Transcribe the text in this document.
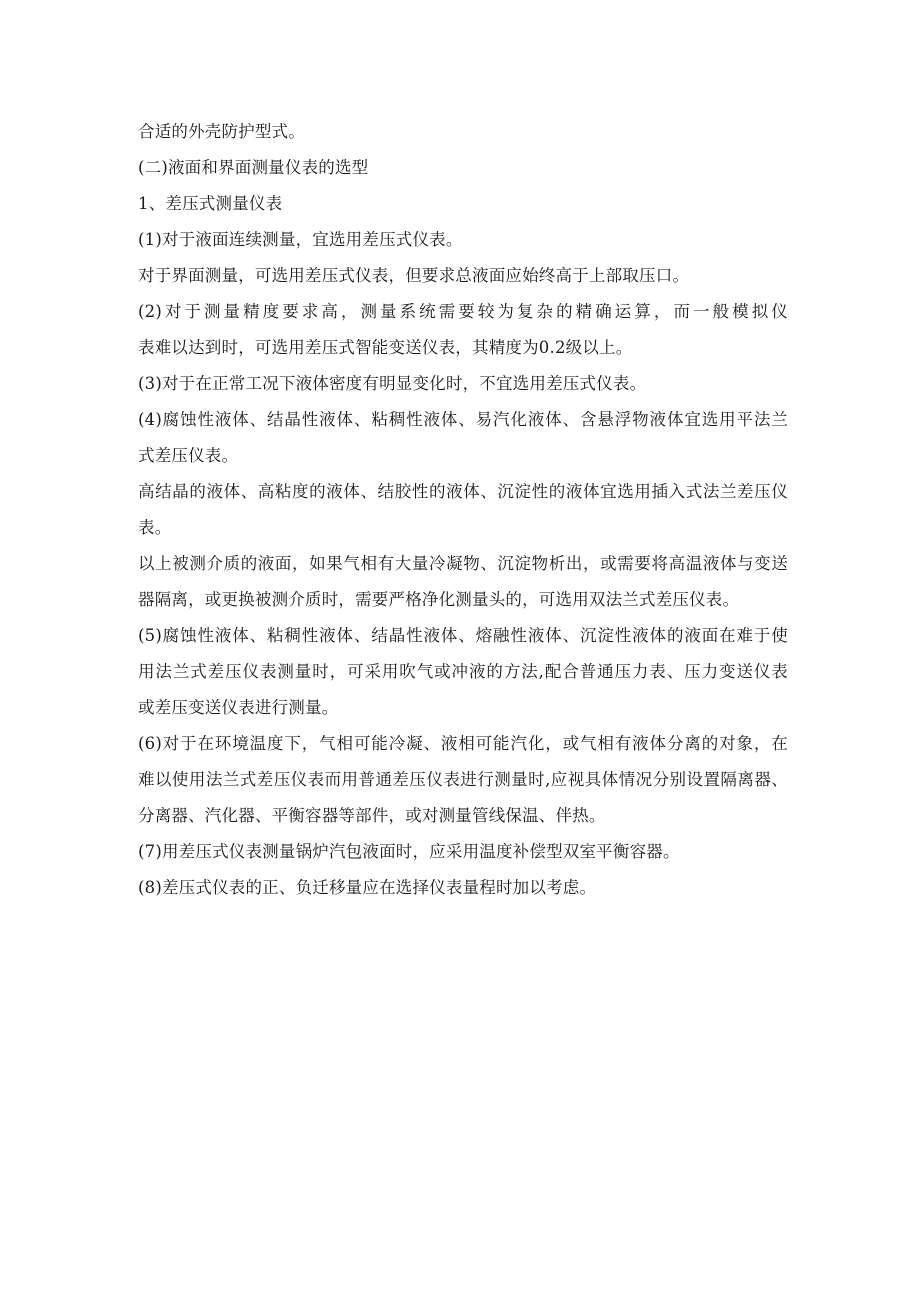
合适的外壳防护型式。
(二)液面和界面测量仪表的选型
1、差压式测量仪表
(1)对于液面连续测量，宜选用差压式仪表。
对于界面测量，可选用差压式仪表，但要求总液面应始终高于上部取压口。
(2)对于测量精度要求高，测量系统需要较为复杂的精确运算，而一般模拟仪
表难以达到时，可选用差压式智能变送仪表，其精度为0.2级以上。
(3)对于在正常工况下液体密度有明显变化时，不宜选用差压式仪表。
(4)腐蚀性液体、结晶性液体、粘稠性液体、易汽化液体、含悬浮物液体宜选用平法兰
式差压仪表。
高结晶的液体、高粘度的液体、结胶性的液体、沉淀性的液体宜选用插入式法兰差压仪
表。
以上被测介质的液面，如果气相有大量冷凝物、沉淀物析出，或需要将高温液体与变送
器隔离，或更换被测介质时，需要严格净化测量头的，可选用双法兰式差压仪表。
(5)腐蚀性液体、粘稠性液体、结晶性液体、熔融性液体、沉淀性液体的液面在难于使
用法兰式差压仪表测量时，可采用吹气或冲液的方法,配合普通压力表、压力变送仪表
或差压变送仪表进行测量。
(6)对于在环境温度下，气相可能冷凝、液相可能汽化，或气相有液体分离的对象，在
难以使用法兰式差压仪表而用普通差压仪表进行测量时,应视具体情况分别设置隔离器、
分离器、汽化器、平衡容器等部件，或对测量管线保温、伴热。
(7)用差压式仪表测量锅炉汽包液面时，应采用温度补偿型双室平衡容器。
(8)差压式仪表的正、负迁移量应在选择仪表量程时加以考虑。
